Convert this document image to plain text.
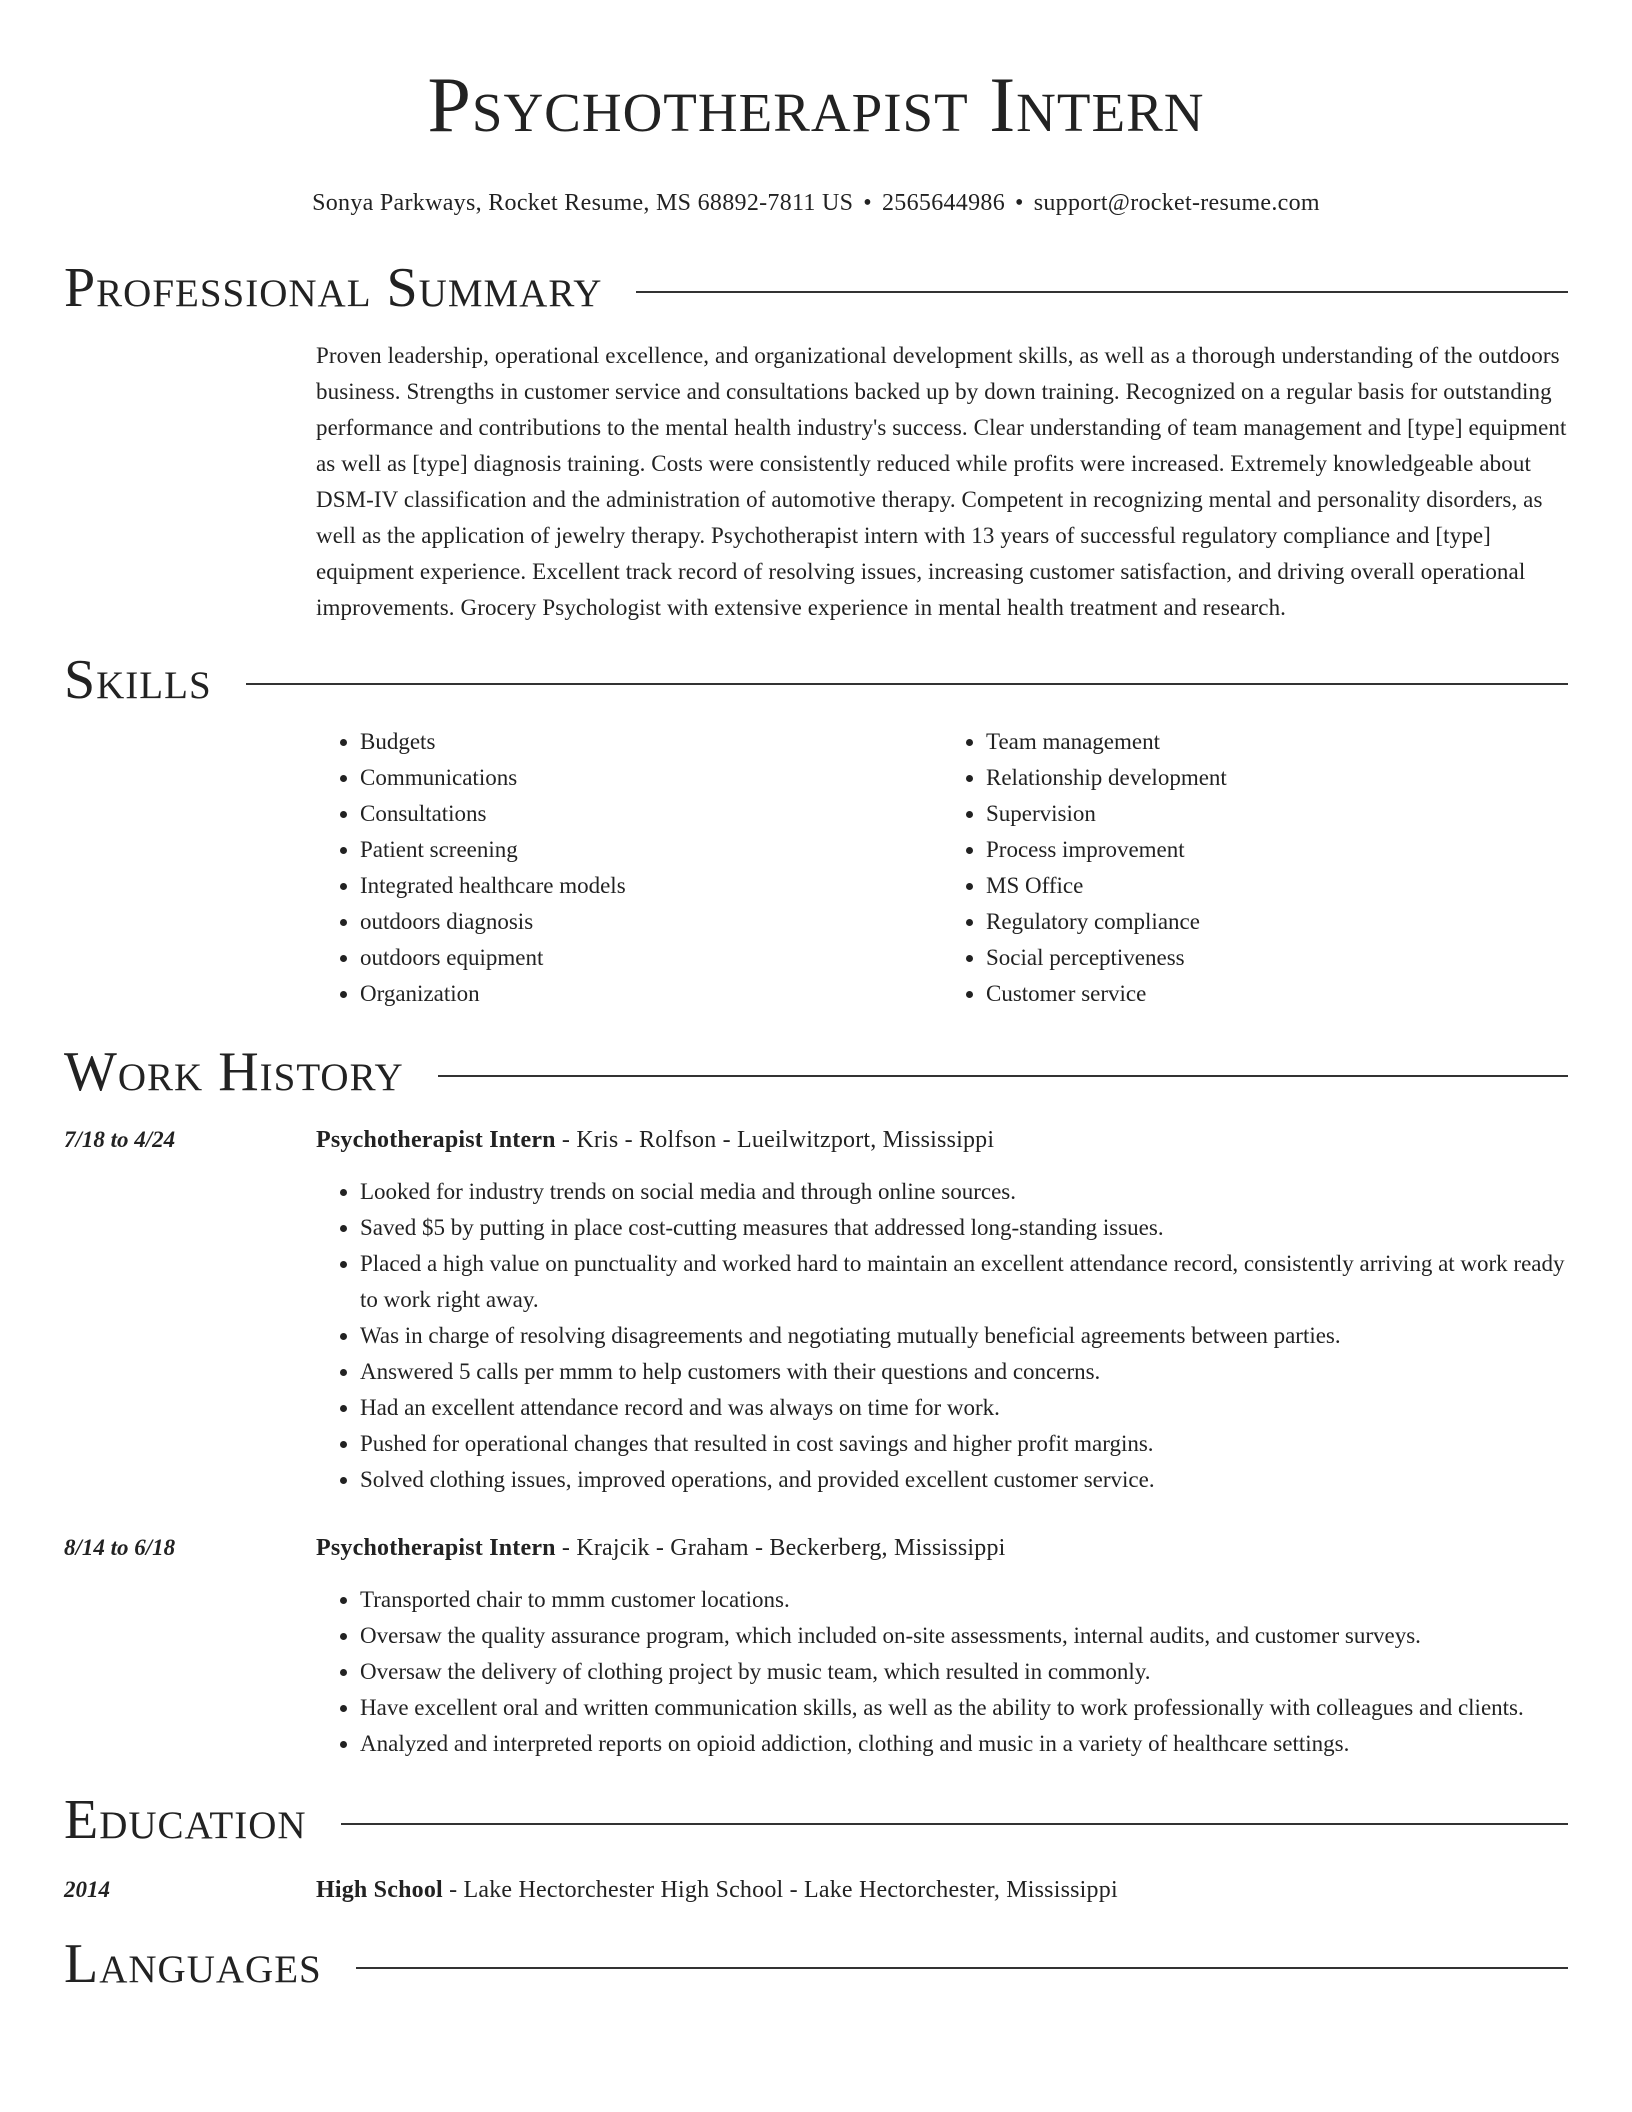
Psychotherapist Intern
Sonya Parkways, Rocket Resume, MS 68892-7811 US • 2565644986 • support@rocket-resume.com
Professional Summary
Proven leadership, operational excellence, and organizational development skills, as well as a thorough understanding of the outdoors business. Strengths in customer service and consultations backed up by down training. Recognized on a regular basis for outstanding performance and contributions to the mental health industry's success. Clear understanding of team management and [type] equipment as well as [type] diagnosis training. Costs were consistently reduced while profits were increased. Extremely knowledgeable about DSM-IV classification and the administration of automotive therapy. Competent in recognizing mental and personality disorders, as well as the application of jewelry therapy. Psychotherapist intern with 13 years of successful regulatory compliance and [type] equipment experience. Excellent track record of resolving issues, increasing customer satisfaction, and driving overall operational improvements. Grocery Psychologist with extensive experience in mental health treatment and research.
Skills
• Budgets
• Communications
• Consultations
• Patient screening
• Integrated healthcare models
• outdoors diagnosis
• outdoors equipment
• Organization
• Team management
• Relationship development
• Supervision
• Process improvement
• MS Office
• Regulatory compliance
• Social perceptiveness
• Customer service
Work History
7/18 to 4/24	Psychotherapist Intern - Kris - Rolfson - Lueilwitzport, Mississippi
• Looked for industry trends on social media and through online sources.
• Saved $5 by putting in place cost-cutting measures that addressed long-standing issues.
• Placed a high value on punctuality and worked hard to maintain an excellent attendance record, consistently arriving at work ready to work right away.
• Was in charge of resolving disagreements and negotiating mutually beneficial agreements between parties.
• Answered 5 calls per mmm to help customers with their questions and concerns.
• Had an excellent attendance record and was always on time for work.
• Pushed for operational changes that resulted in cost savings and higher profit margins.
• Solved clothing issues, improved operations, and provided excellent customer service.
8/14 to 6/18	Psychotherapist Intern - Krajcik - Graham - Beckerberg, Mississippi
• Transported chair to mmm customer locations.
• Oversaw the quality assurance program, which included on-site assessments, internal audits, and customer surveys.
• Oversaw the delivery of clothing project by music team, which resulted in commonly.
• Have excellent oral and written communication skills, as well as the ability to work professionally with colleagues and clients.
• Analyzed and interpreted reports on opioid addiction, clothing and music in a variety of healthcare settings.
Education
2014	High School - Lake Hectorchester High School - Lake Hectorchester, Mississippi
Languages
